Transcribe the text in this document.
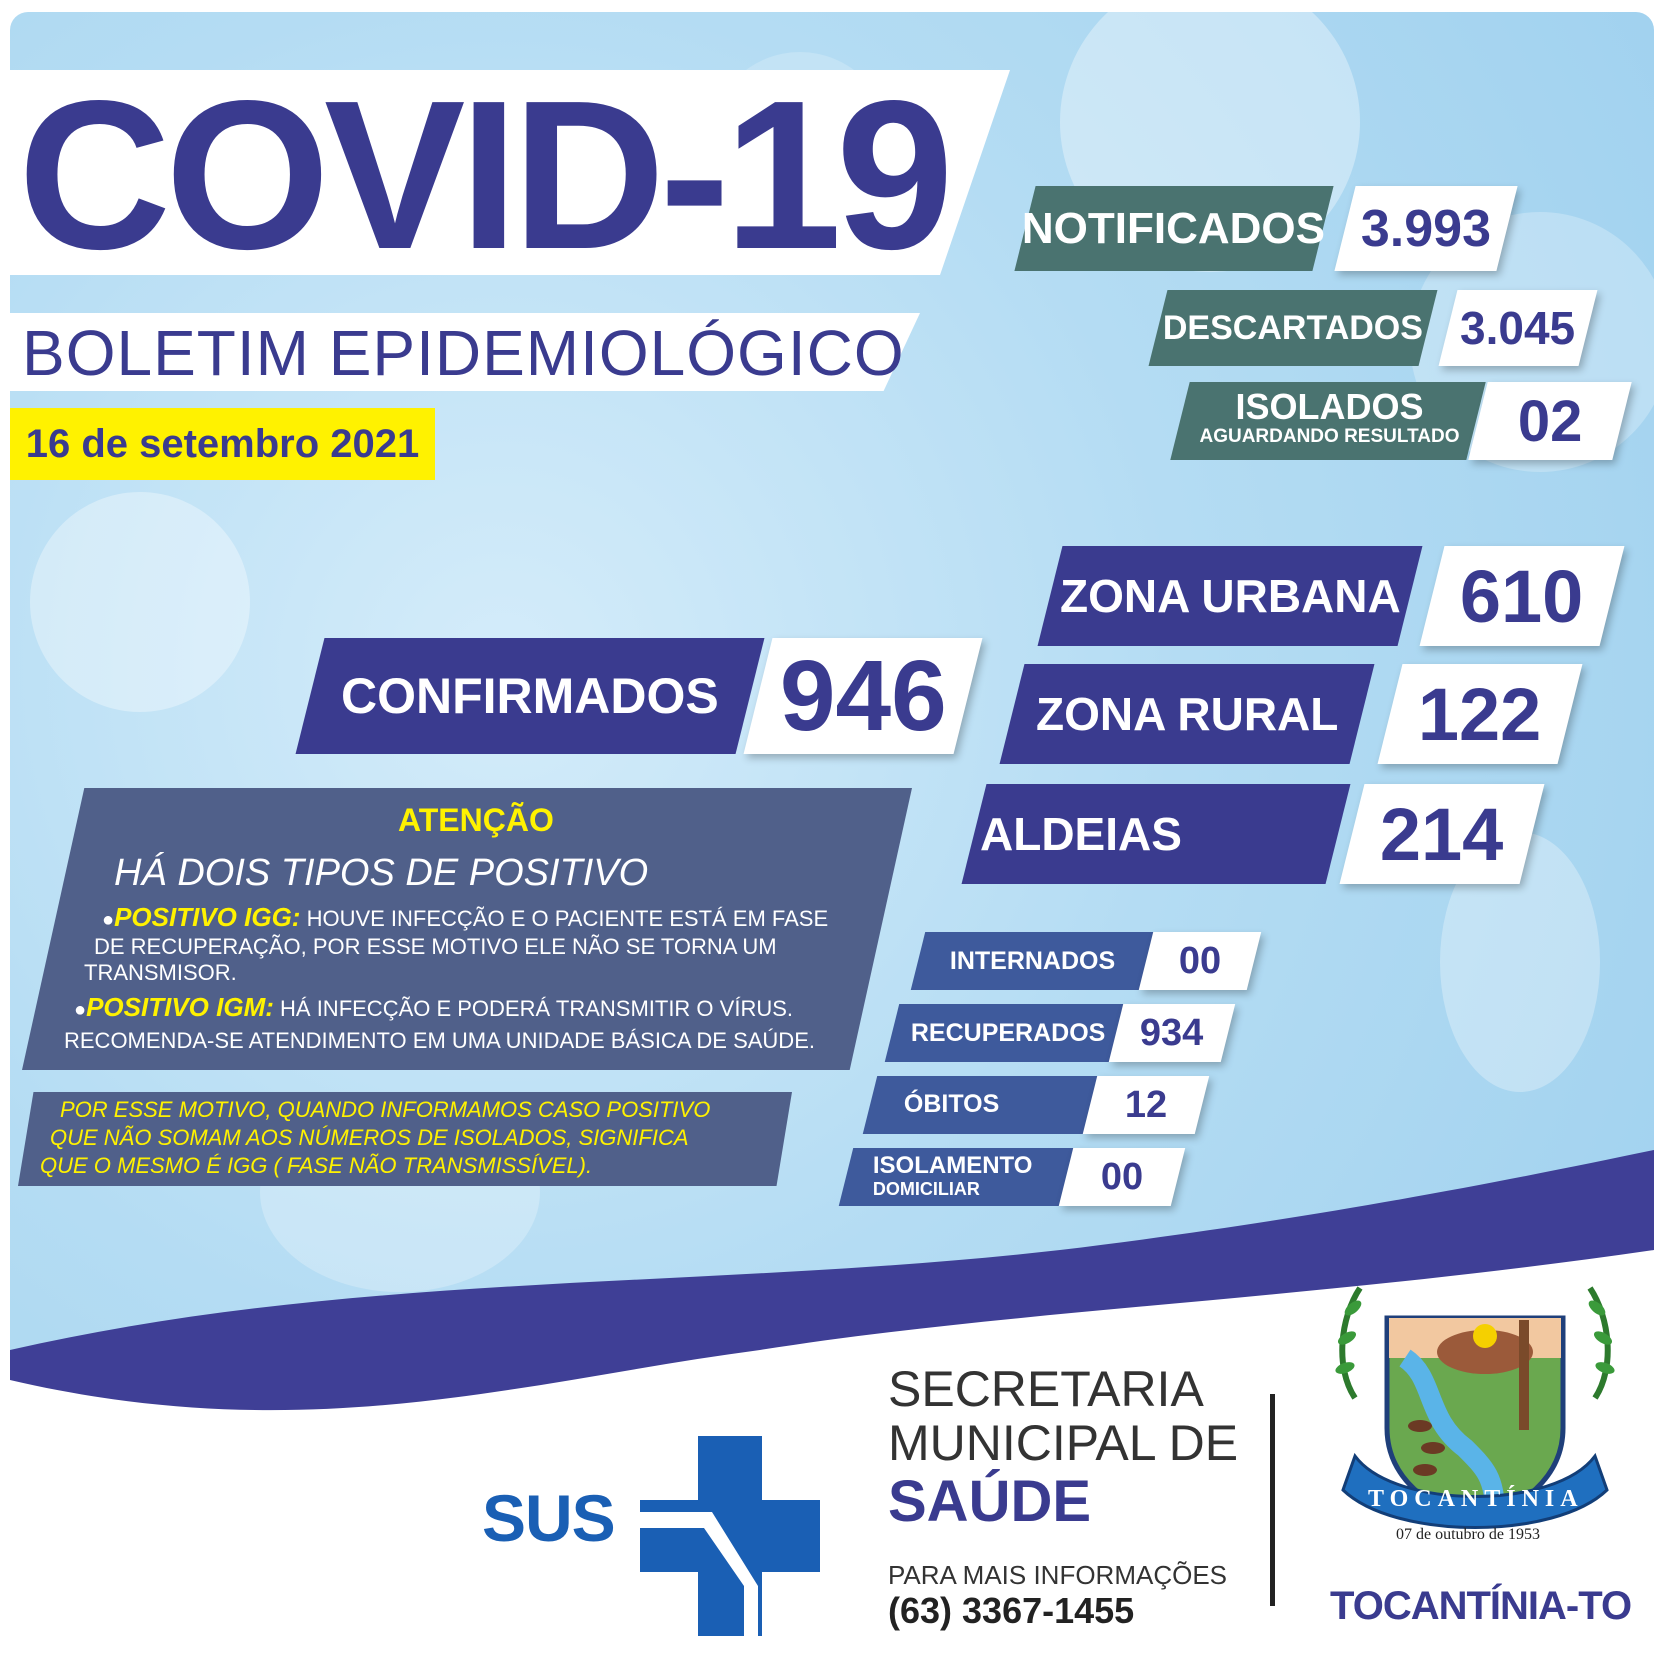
COVID-19
BOLETIM EPIDEMIOLÓGICO
16 de setembro 2021
NOTIFICADOS 3.993
DESCARTADOS 3.045
ISOLADOS
AGUARDANDO RESULTADO	02
ZONA URBANA 610
ZONA RURAL 122
ALDEIAS	214
CONFIRMADOS 946
ATENÇÃO
HÁ DOIS TIPOS DE POSITIVO
●POSITIVO IGG: HOUVE INFECÇÃO E O PACIENTE ESTÁ EM FASE
DE RECUPERAÇÃO, POR ESSE MOTIVO ELE NÃO SE TORNA UM
TRANSMISOR.
●POSITIVO IGM: HÁ INFECÇÃO E PODERÁ TRANSMITIR O VÍRUS.
RECOMENDA-SE ATENDIMENTO EM UMA UNIDADE BÁSICA DE SAÚDE.
POR ESSE MOTIVO, QUANDO INFORMAMOS CASO POSITIVO
QUE NÃO SOMAM AOS NÚMEROS DE ISOLADOS, SIGNIFICA
QUE O MESMO É IGG ( FASE NÃO TRANSMISSÍVEL).
INTERNADOS 00
RECUPERADOS 934
ÓBITOS	12
ISOLAMENTO
DOMICILIAR	00
SUS
SECRETARIA
MUNICIPAL DE
SAÚDE
PARA MAIS INFORMAÇÕES
(63) 3367-1455
TOCANTÍNIA
07 de outubro de 1953
TOCANTÍNIA-TO
